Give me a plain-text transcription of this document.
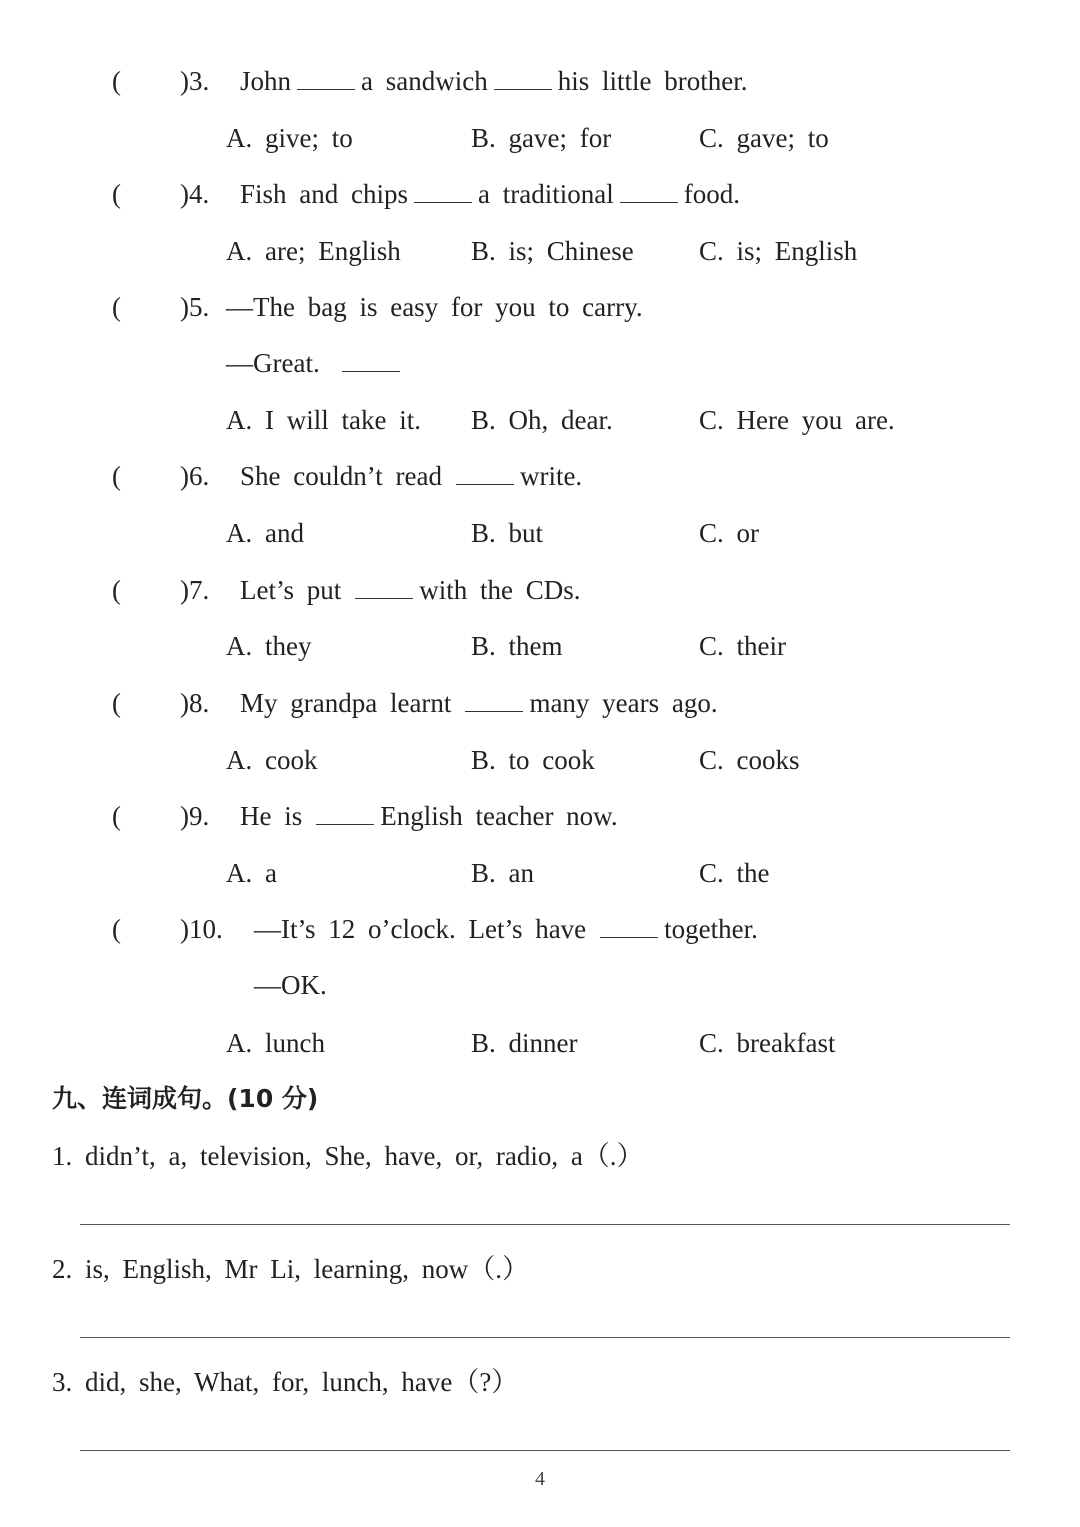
( )3. John	a sandwich	his little brother.
A. give; to	B. gave; for	C. gave; to
( )4. Fish and chips	a traditional	food.
A. are; English	B. is; Chinese C. is; English
( )5. —The bag is easy for you to carry.
—Great.
A. I will take it. B. Oh, dear.	C. Here you are.
( )6. She couldn’t read	write.
A. and	B. but	C. or
( )7. Let’s put	with the CDs.
A. they	B. them	C. their
( )8. My grandpa learnt	many years ago.
A. cook	B. to cook	C. cooks
( )9. He is	English teacher now.
A. a	B. an	C. the
( )10. —It’s 12 o’clock. Let’s have	together.
—OK.
A. lunch	B. dinner	C. breakfast
九、连词成句。(10 分)
1. didn’t, a, television, She, have, or, radio, a（.）
2. is, English, Mr Li, learning, now（.）
3. did, she, What, for, lunch, have（?）
4
